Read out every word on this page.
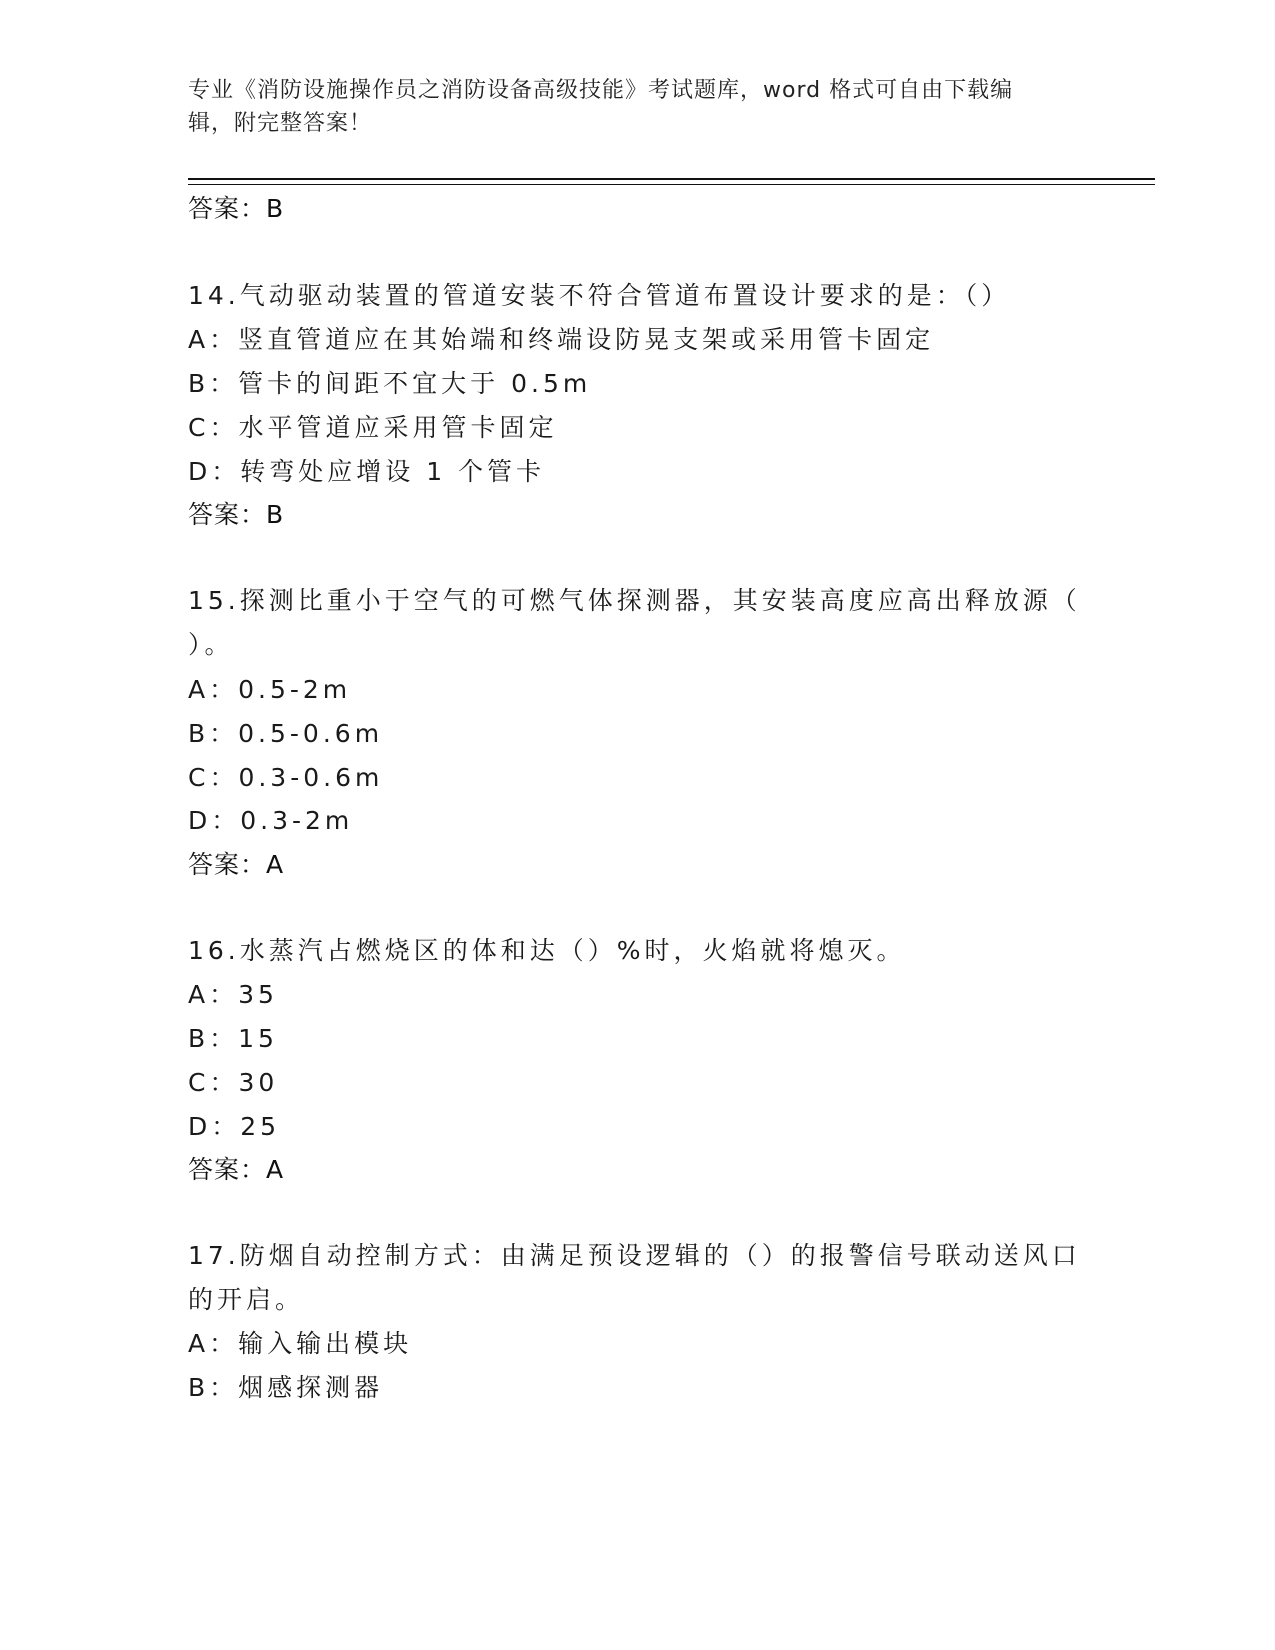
专业《消防设施操作员之消防设备高级技能》考试题库，word 格式可自由下载编
辑，附完整答案！
答案：B
14.气动驱动装置的管道安装不符合管道布置设计要求的是：（）
A：竖直管道应在其始端和终端设防晃支架或采用管卡固定
B：管卡的间距不宜大于 0.5m
C：水平管道应采用管卡固定
D：转弯处应增设 1 个管卡
答案：B
15.探测比重小于空气的可燃气体探测器，其安装高度应高出释放源（
）。
A：0.5-2m
B：0.5-0.6m
C：0.3-0.6m
D：0.3-2m
答案：A
16.水蒸汽占燃烧区的体和达（）%时，火焰就将熄灭。
A：35
B：15
C：30
D：25
答案：A
17.防烟自动控制方式：由满足预设逻辑的（）的报警信号联动送风口
的开启。
A：输入输出模块
B：烟感探测器
